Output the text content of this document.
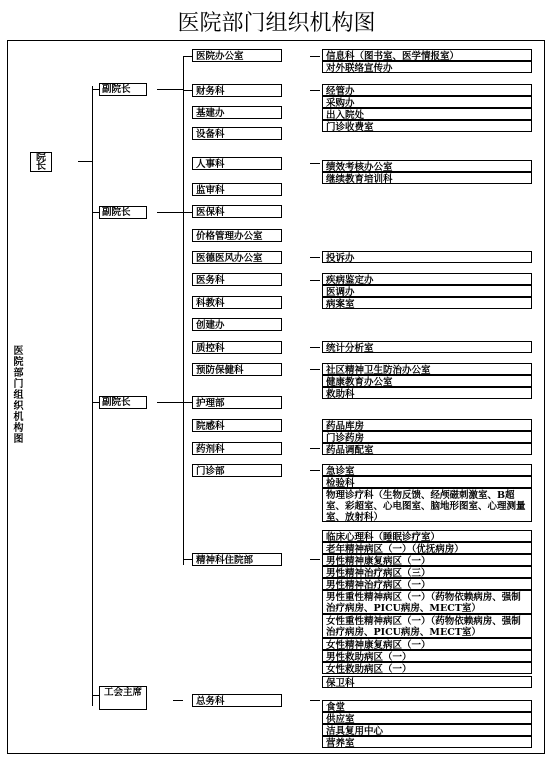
医院部门组织机构图
医院部门组织机构图
院长
副院长
副院长
副院长
工会主席
医院办公室
财务科
基建办
设备科
人事科
监审科
医保科
价格管理办公室
医德医风办公室
医务科
科教科
创建办
质控科
预防保健科
护理部
院感科
药剂科
门诊部
精神科住院部
总务科
信息科（图书室、医学情报室）
对外联络宣传办
经管办
采购办
出入院处
门诊收费室
绩效考核办公室
继续教育培训科
投诉办
疾病鉴定办
医调办
病案室
统计分析室
社区精神卫生防治办公室
健康教育办公室
救助科
药品库房
门诊药房
药品调配室
急诊室
检验科
物理诊疗科（生物反馈、经颅磁刺激室、B超室、彩超室、心电图室、脑地形图室、心理测量室、放射科）
临床心理科（睡眠诊疗室）
老年精神病区（一）（优抚病房）
男性精神康复病区（一）
男性精神治疗病区（三）
男性精神治疗病区（一）
男性重性精神病区（一）（药物依赖病房、强制治疗病房、PICU病房、MECT室）
女性重性精神病区（一）（药物依赖病房、强制治疗病房、PICU病房、MECT室）
女性精神康复病区（一）
男性救助病区（一）
女性救助病区（一）
保卫科
食堂
供应室
洁具复用中心
营养室
